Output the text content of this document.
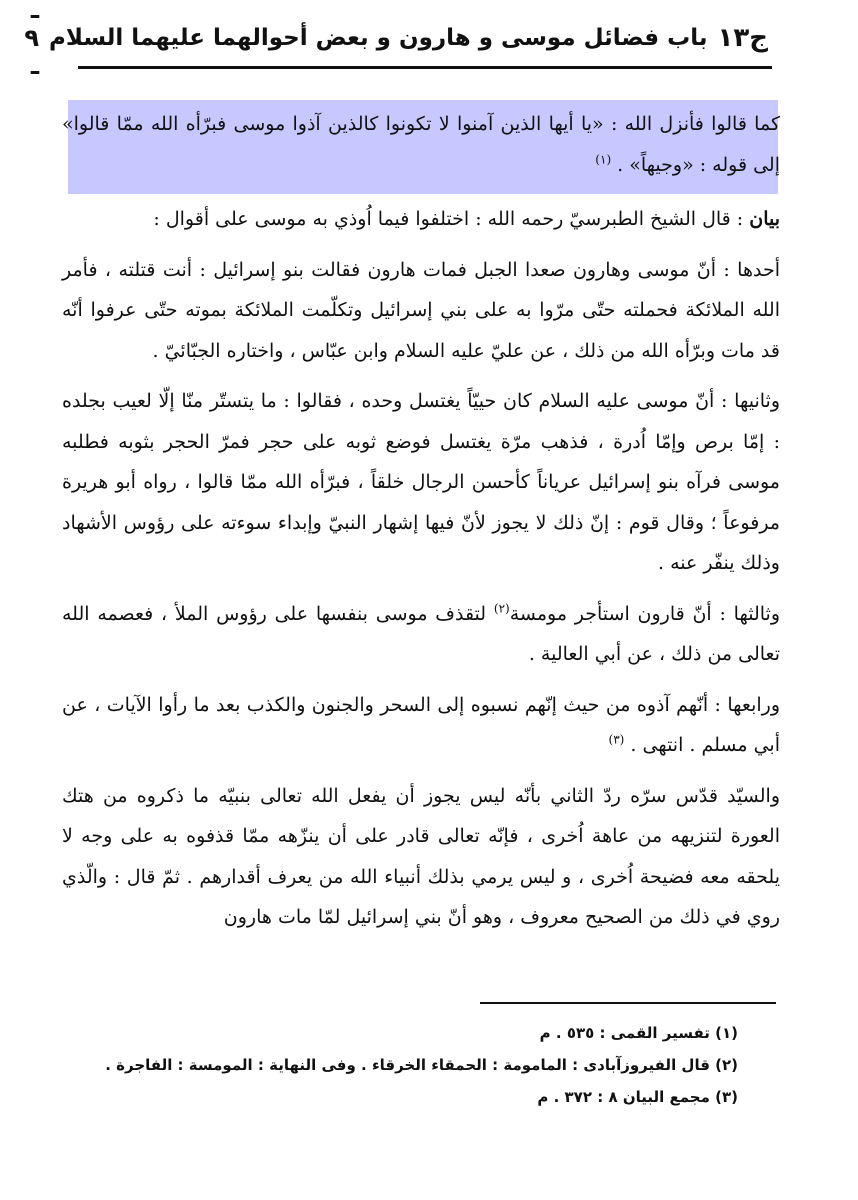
ج١٣
باب فضائل موسى و هارون و بعض أحوالهما عليهما السلام
ـ ٩ ـ

كما قالوا فأنزل الله : «يا أيها الذين آمنوا لا تكونوا كالذين آذوا موسى فبرّأه الله ممّا قالوا» إلى قوله : «وجيهاً» . $^{(١)}$

بيان : قال الشيخ الطبرسيّ رحمه الله : اختلفوا فيما اُوذي به موسى على أقوال :

أحدها : أنّ موسى وهارون صعدا الجبل فمات هارون فقالت بنو إسرائيل : أنت قتلته ، فأمر الله الملائكة فحملته حتّى مرّوا به على بني إسرائيل وتكلّمت الملائكة بموته حتّى عرفوا أنّه قد مات وبرّأه الله من ذلك ، عن عليّ عليه السلام وابن عبّاس ، واختاره الجبّائيّ .

وثانيها : أنّ موسى عليه السلام كان حييّاً يغتسل وحده ، فقالوا : ما يتستّر منّا إلّا لعيب بجلده : إمّا برص وإمّا اُدرة ، فذهب مرّة يغتسل فوضع ثوبه على حجر فمرّ الحجر بثوبه فطلبه موسى فرآه بنو إسرائيل عرياناً كأحسن الرجال خلقاً ، فبرّأه الله ممّا قالوا ، رواه أبو هريرة مرفوعاً ؛ وقال قوم : إنّ ذلك لا يجوز لأنّ فيها إشهار النبيّ وإبداء سوءته على رؤوس الأشهاد وذلك ينفّر عنه .

وثالثها : أنّ قارون استأجر مومسة$^{(٢)}$ لتقذف موسى بنفسها على رؤوس الملأ ، فعصمه الله تعالى من ذلك ، عن أبي العالية .

ورابعها : أنّهم آذوه من حيث إنّهم نسبوه إلى السحر والجنون والكذب بعد ما رأوا الآيات ، عن أبي مسلم . انتهى . $^{(٣)}$

والسيّد قدّس سرّه ردّ الثاني بأنّه ليس يجوز أن يفعل الله تعالى بنبيّه ما ذكروه من هتك العورة لتنزيهه من عاهة اُخرى ، فإنّه تعالى قادر على أن ينزّهه ممّا قذفوه به على وجه لا يلحقه معه فضيحة اُخرى ، و ليس يرمي بذلك أنبياء الله من يعرف أقدارهم . ثمّ قال : والّذي روي في ذلك من الصحيح معروف ، وهو أنّ بني إسرائيل لمّا مات هارون

(١) تفسير القمى : ٥٣٥ . م
(٢) قال الفيروزآبادى : المامومة : الحمقاء الخرقاء . وفى النهاية : المومسة : الفاجرة .
(٣) مجمع البيان ٨ : ٣٧٢ . م
